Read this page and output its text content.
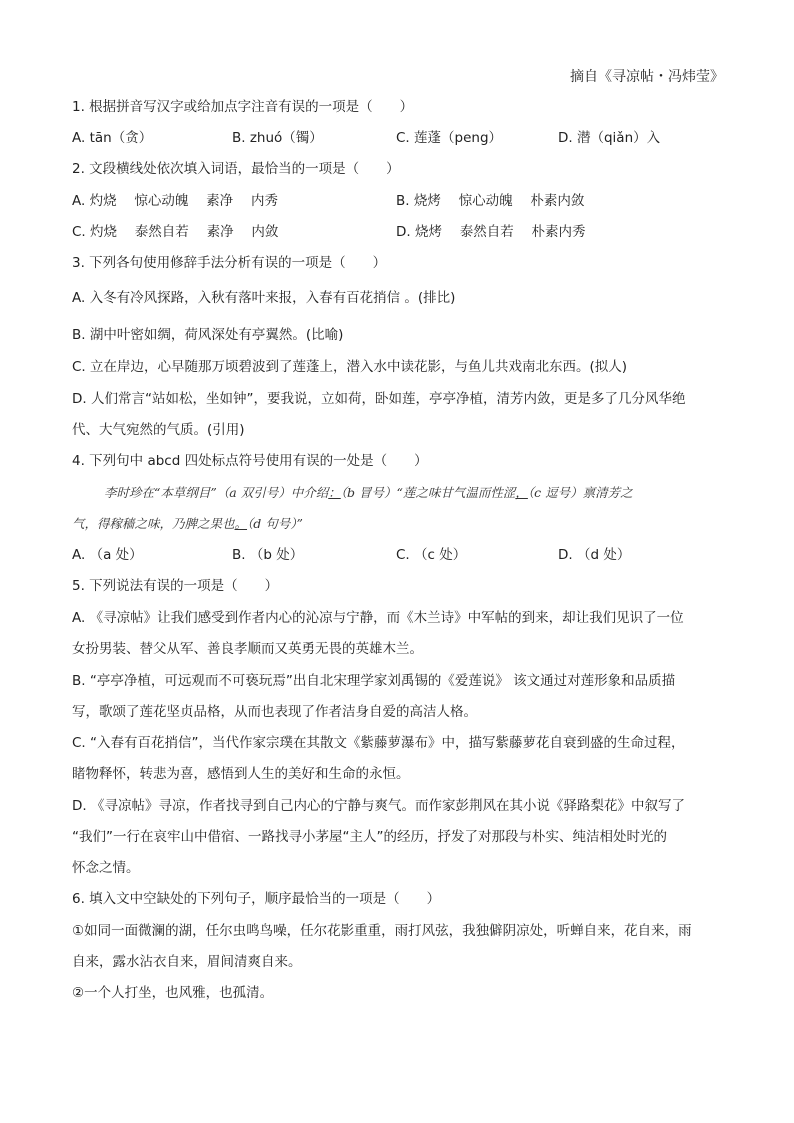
摘自《寻凉帖・冯炜莹》
1. 根据拼音写汉字或给加点字注音有误的一项是（　　）
A. tān（贪）	B. zhuó（镯）	C. 莲蓬（peng）	D. 潜（qiǎn）入
2. 文段横线处依次填入词语，最恰当的一项是（　　）
A. 灼烧　 惊心动魄　 素净　 内秀	B. 烧烤　 惊心动魄　 朴素内敛
C. 灼烧　 泰然自若　 素净　 内敛	D. 烧烤　 泰然自若　 朴素内秀
3. 下列各句使用修辞手法分析有误的一项是（　　）
A. 入冬有冷风探路，入秋有落叶来报，入春有百花捎信 。(排比)
B. 湖中叶密如绸，荷风深处有亭翼然。(比喻)
C. 立在岸边，心早随那万顷碧波到了莲蓬上，潜入水中读花影，与鱼儿共戏南北东西。(拟人)
D. 人们常言“站如松，坐如钟”，要我说，立如荷，卧如莲，亭亭净植，清芳内敛，更是多了几分风华绝
代、大气宛然的气质。(引用)
4. 下列句中 abcd 四处标点符号使用有误的一处是（　　）
李时珍在“本草纲目”（a 双引号）中介绍：（b 冒号）“莲之味甘气温而性涩，（c 逗号）禀清芳之
气，得稼穑之味，乃脾之果也。（d 句号）”
A. （a 处）	B. （b 处）	C. （c 处）	D. （d 处）
5. 下列说法有误的一项是（　　）
A. 《寻凉帖》让我们感受到作者内心的沁凉与宁静，而《木兰诗》中军帖的到来，却让我们见识了一位
女扮男装、替父从军、善良孝顺而又英勇无畏的英雄木兰。
B. “亭亭净植，可远观而不可亵玩焉”出自北宋理学家刘禹锡的《爱莲说》 该文通过对莲形象和品质描
写，歌颂了莲花坚贞品格，从而也表现了作者洁身自爱的高洁人格。
C. “入春有百花捎信”，当代作家宗璞在其散文《紫藤萝瀑布》中，描写紫藤萝花自衰到盛的生命过程，
睹物释怀，转悲为喜，感悟到人生的美好和生命的永恒。
D. 《寻凉帖》寻凉，作者找寻到自己内心的宁静与爽气。而作家彭荆风在其小说《驿路梨花》中叙写了
“我们”一行在哀牢山中借宿、一路找寻小茅屋“主人”的经历，抒发了对那段与朴实、纯洁相处时光的
怀念之情。
6. 填入文中空缺处的下列句子，顺序最恰当的一项是（　　）
①如同一面微澜的湖，任尔虫鸣鸟噪，任尔花影重重，雨打风弦，我独僻阴凉处，听蝉自来，花自来，雨
自来，露水沾衣自来，眉间清爽自来。
②一个人打坐，也风雅，也孤清。
